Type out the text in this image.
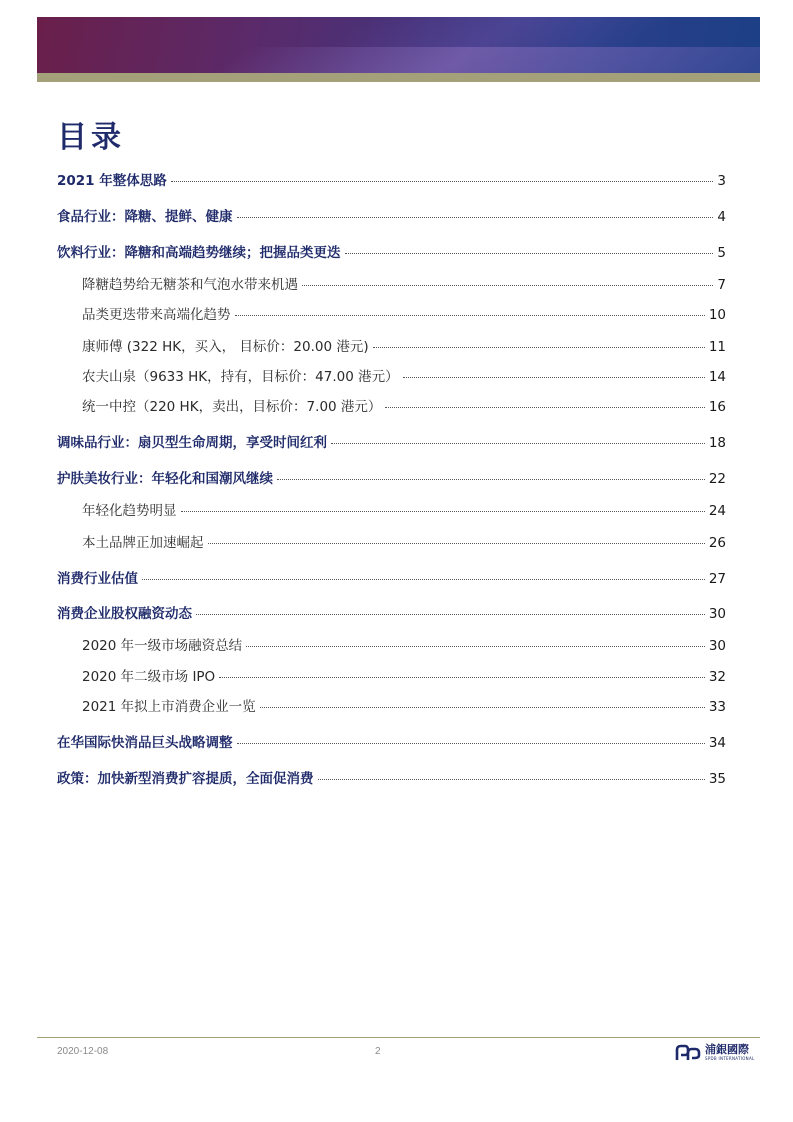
目录
2021 年整体思路	3
食品行业：降糖、提鲜、健康	4
饮料行业：降糖和高端趋势继续；把握品类更迭	5
降糖趋势给无糖茶和气泡水带来机遇	7
品类更迭带来高端化趋势	10
康师傅 (322 HK，买入， 目标价：20.00 港元)	11
农夫山泉（9633 HK，持有，目标价：47.00 港元）	14
统一中控（220 HK，卖出，目标价：7.00 港元）	16
调味品行业：扇贝型生命周期，享受时间红利	18
护肤美妆行业：年轻化和国潮风继续	22
年轻化趋势明显	24
本土品牌正加速崛起	26
消费行业估值	27
消费企业股权融资动态	30
2020 年一级市场融资总结	30
2020 年二级市场 IPO	32
2021 年拟上市消费企业一览	33
在华国际快消品巨头战略调整	34
政策：加快新型消费扩容提质，全面促消费	35
2020-12-08	2	浦銀國際
SPDB INTERNATIONAL
